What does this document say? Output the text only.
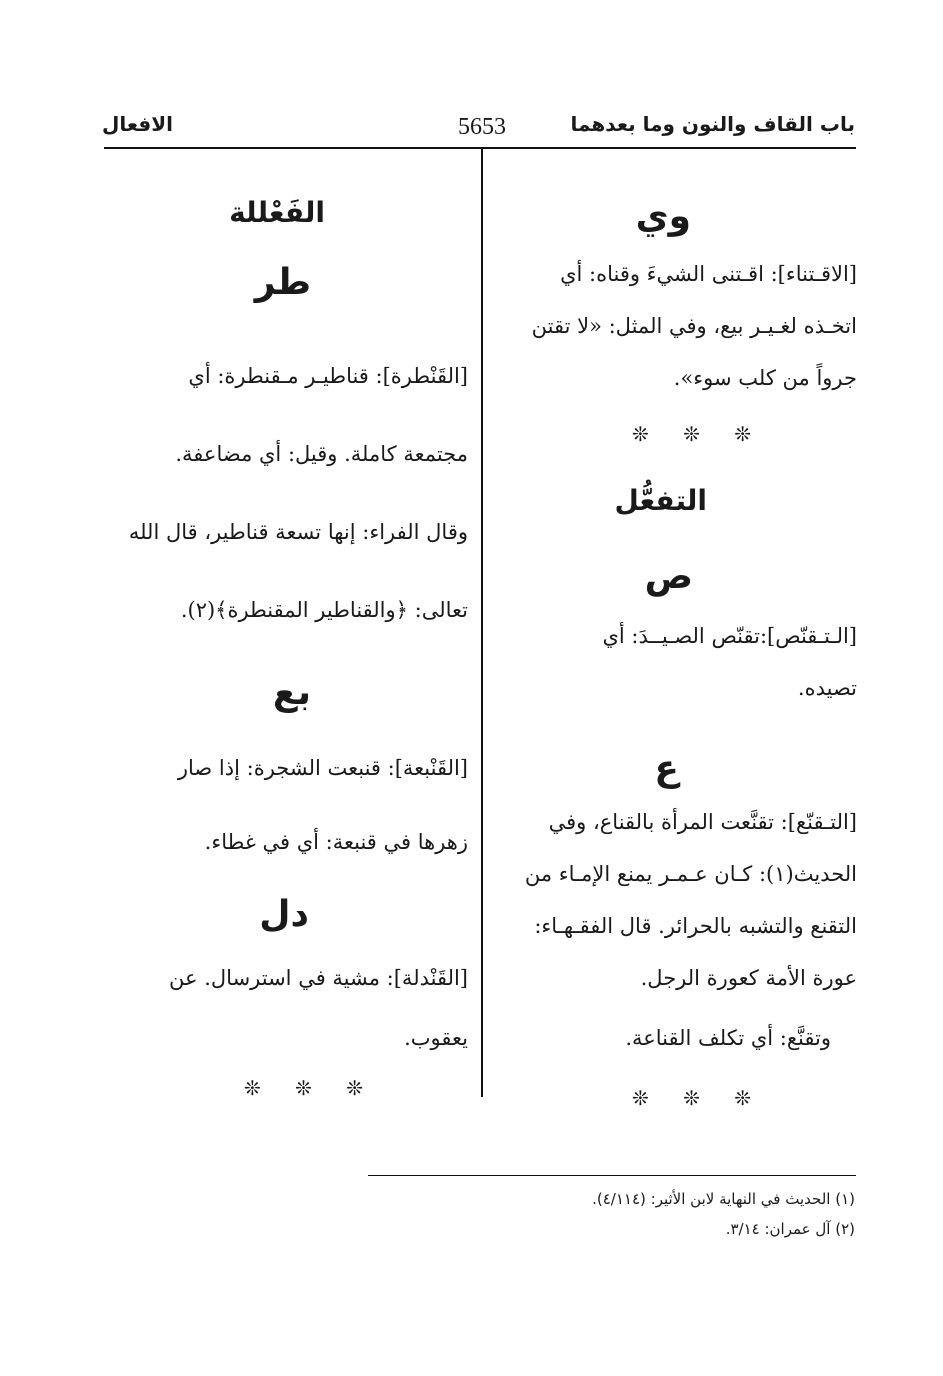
باب القاف والنون وما بعدهما
5653
الافعال
وي
[الاقـتناء]: اقـتنى الشيءَ وقناه: أي
اتخـذه لغـيـر بيع، وفي المثل: «لا تقتن
جرواً من كلب سوء».
❊ ❊ ❊
التفعُّل
ص
[الـتـقنّص]:تقنّص الصـيــدَ: أي
تصيده.
ع
[التـقنّع]: تقنَّعت المرأة بالقناع، وفي
الحديث(١): كـان عـمـر يمنع الإمـاء من
التقنع والتشبه بالحرائر. قال الفقـهـاء:
عورة الأمة كعورة الرجل.
وتقنَّع: أي تكلف القناعة.
❊ ❊ ❊
الفَعْللة
طر
[القَنْطرة]: قناطيـر مـقنطرة: أي
مجتمعة كاملة. وقيل: أي مضاعفة.
وقال الفراء: إنها تسعة قناطير، قال الله
تعالى: ﴿والقناطير المقنطرة﴾(٢).
بع
[القَنْبعة]: قنبعت الشجرة: إذا صار
زهرها في قنبعة: أي في غطاء.
دل
[القَنْدلة]: مشية في استرسال. عن
يعقوب.
❊ ❊ ❊
(١) الحديث في النهاية لابن الأثير: (٤/١١٤).
(٢) آل عمران: ٣/١٤.
